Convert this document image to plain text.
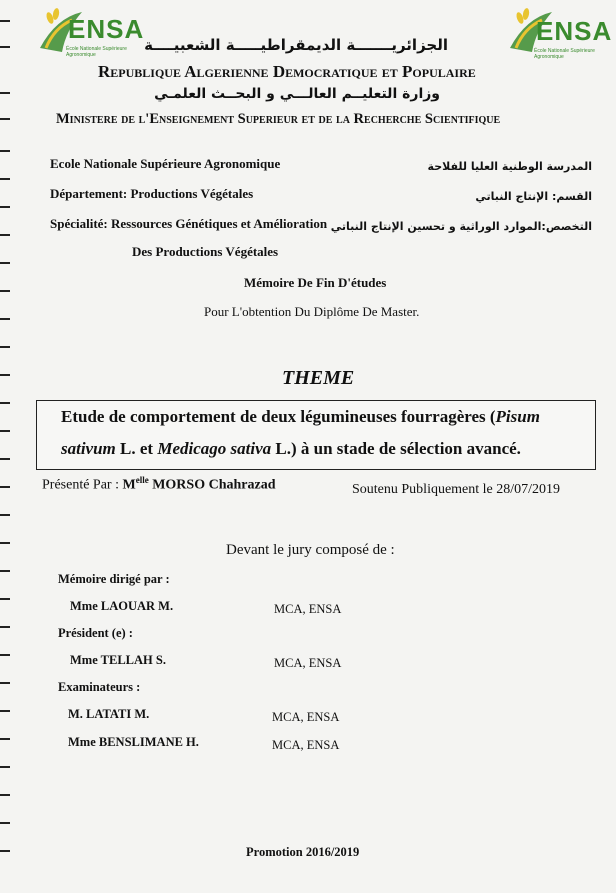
ENSA
École Nationale Supérieure Agronomique
ENSA
École Nationale Supérieure Agronomique
الجزائريـــــــة الديمقراطيـــــة الشعبيــــة
Republique Algerienne Democratique et Populaire
وزارة التعليــم العالـــي و البحــث العلمـي
Ministere de l'Enseignement Superieur et de la Recherche Scientifique
Ecole Nationale Supérieure Agronomique	المدرسة الوطنية العليا للفلاحة
Département: Productions Végétales	القسم: الإنتاج النباتي
Spécialité: Ressources Génétiques et Amélioration التخصص:الموارد الوراثية و تحسين الإنتاج النباتي
Des Productions Végétales
Mémoire De Fin D'études
Pour L'obtention Du Diplôme De Master.
THEME
Etude de comportement de deux légumineuses fourragères (Pisum
sativum L. et Medicago sativa L.) à un stade de sélection avancé.
Présenté Par : $M^{elle}$ MORSO Chahrazad	Soutenu Publiquement le 28/07/2019
Devant le jury composé de :
Mémoire dirigé par :
Mme LAOUAR M.	MCA, ENSA
Président (e) :
Mme TELLAH S.	MCA, ENSA
Examinateurs :
M. LATATI M.	MCA, ENSA
Mme BENSLIMANE H.	MCA, ENSA
Promotion 2016/2019
